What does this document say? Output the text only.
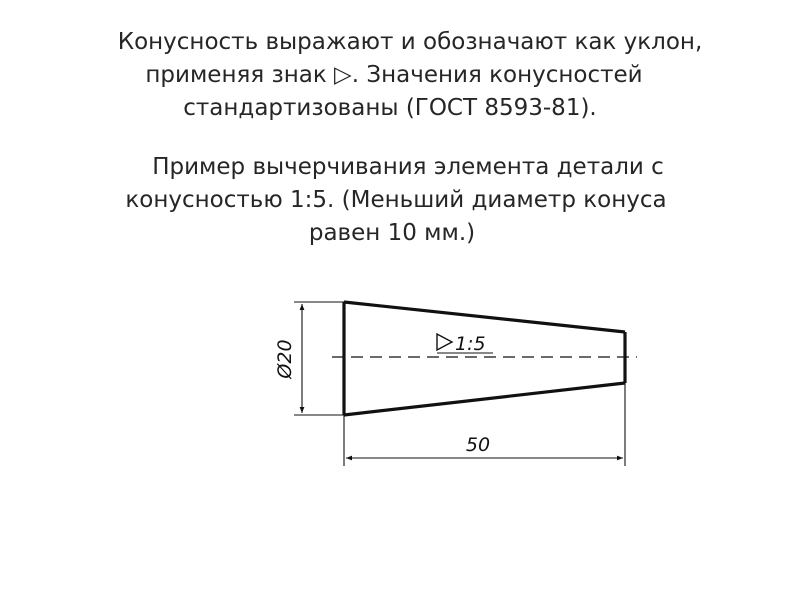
Конусность выражают и обозначают как уклон,
применяя знак ▷. Значения конусностей
стандартизованы (ГОСТ 8593-81).

Пример вычерчивания элемента детали с
конусностью 1:5. (Меньший диаметр конуса
равен 10 мм.)

Ø20
50
1:5
